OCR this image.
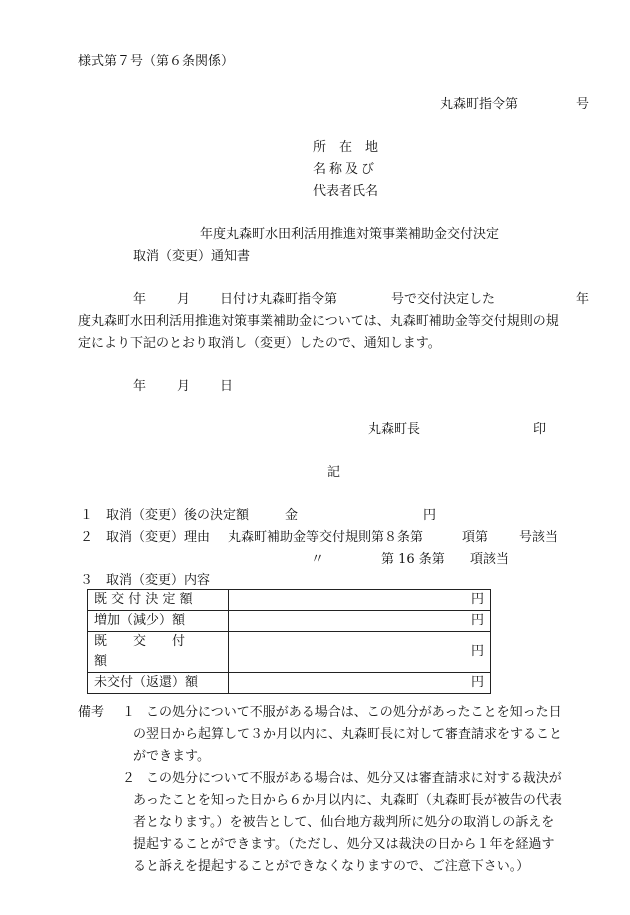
様式第７号（第６条関係）
丸森町指令第	号
所　在　地
名称及び
代表者氏名
年度丸森町水田利活用推進対策事業補助金交付決定
取消（変更）通知書
年 月 日付け丸森町指令第	号で交付決定した	年
度丸森町水田利活用推進対策事業補助金については、丸森町補助金等交付規則の規
定により下記のとおり取消し（変更）したので、通知します。
年 月 日
丸森町長	印
記
１ 取消（変更）後の決定額	金	円
２ 取消（変更）理由 丸森町補助金等交付規則第８条第	項第 号該当
〃	第 16 条第 項該当
３ 取消（変更）内容
既 交 付 決 定 額	円
増加（減少）額	円
既　　交　　付　　額	円
未交付（返還）額	円
備考 １ この処分について不服がある場合は、この処分があったことを知った日
の翌日から起算して３か月以内に、丸森町長に対して審査請求をすること
ができます。
２ この処分について不服がある場合は、処分又は審査請求に対する裁決が
あったことを知った日から６か月以内に、丸森町（丸森町長が被告の代表
者となります。）を被告として、仙台地方裁判所に処分の取消しの訴えを
提起することができます。（ただし、処分又は裁決の日から１年を経過す
ると訴えを提起することができなくなりますので、ご注意下さい。）
